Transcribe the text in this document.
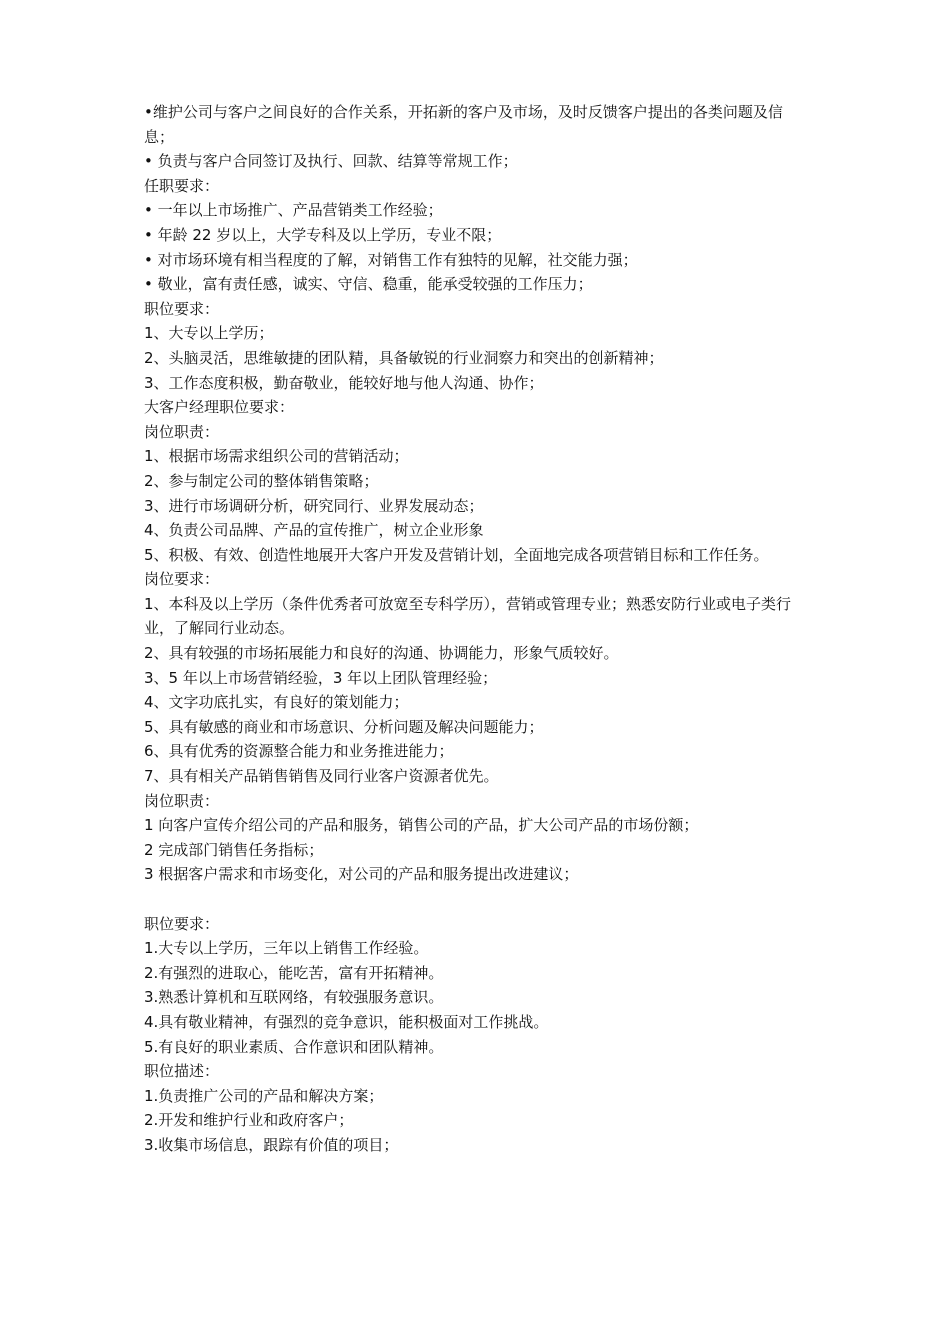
•维护公司与客户之间良好的合作关系，开拓新的客户及市场，及时反馈客户提出的各类问题及信息；

• 负责与客户合同签订及执行、回款、结算等常规工作；

任职要求：

• 一年以上市场推广、产品营销类工作经验；

• 年龄 22 岁以上，大学专科及以上学历，专业不限；

• 对市场环境有相当程度的了解，对销售工作有独特的见解，社交能力强；

• 敬业，富有责任感，诚实、守信、稳重，能承受较强的工作压力；

职位要求：

1、大专以上学历；

2、头脑灵活，思维敏捷的团队精，具备敏锐的行业洞察力和突出的创新精神；

3、工作态度积极，勤奋敬业，能较好地与他人沟通、协作；

大客户经理职位要求：

岗位职责：

1、根据市场需求组织公司的营销活动；

2、参与制定公司的整体销售策略；

3、进行市场调研分析，研究同行、业界发展动态；

4、负责公司品牌、产品的宣传推广，树立企业形象

5、积极、有效、创造性地展开大客户开发及营销计划，全面地完成各项营销目标和工作任务。

岗位要求：

1、本科及以上学历（条件优秀者可放宽至专科学历），营销或管理专业；熟悉安防行业或电子类行业，了解同行业动态。

2、具有较强的市场拓展能力和良好的沟通、协调能力，形象气质较好。

3、5 年以上市场营销经验，3 年以上团队管理经验；

4、文字功底扎实，有良好的策划能力；

5、具有敏感的商业和市场意识、分析问题及解决问题能力；

6、具有优秀的资源整合能力和业务推进能力；

7、具有相关产品销售销售及同行业客户资源者优先。

岗位职责：

1 向客户宣传介绍公司的产品和服务，销售公司的产品，扩大公司产品的市场份额；

2 完成部门销售任务指标；

3 根据客户需求和市场变化，对公司的产品和服务提出改进建议；

职位要求：

1.大专以上学历，三年以上销售工作经验。

2.有强烈的进取心，能吃苦，富有开拓精神。

3.熟悉计算机和互联网络，有较强服务意识。

4.具有敬业精神，有强烈的竞争意识，能积极面对工作挑战。

5.有良好的职业素质、合作意识和团队精神。

职位描述：

1.负责推广公司的产品和解决方案；

2.开发和维护行业和政府客户；

3.收集市场信息，跟踪有价值的项目；
